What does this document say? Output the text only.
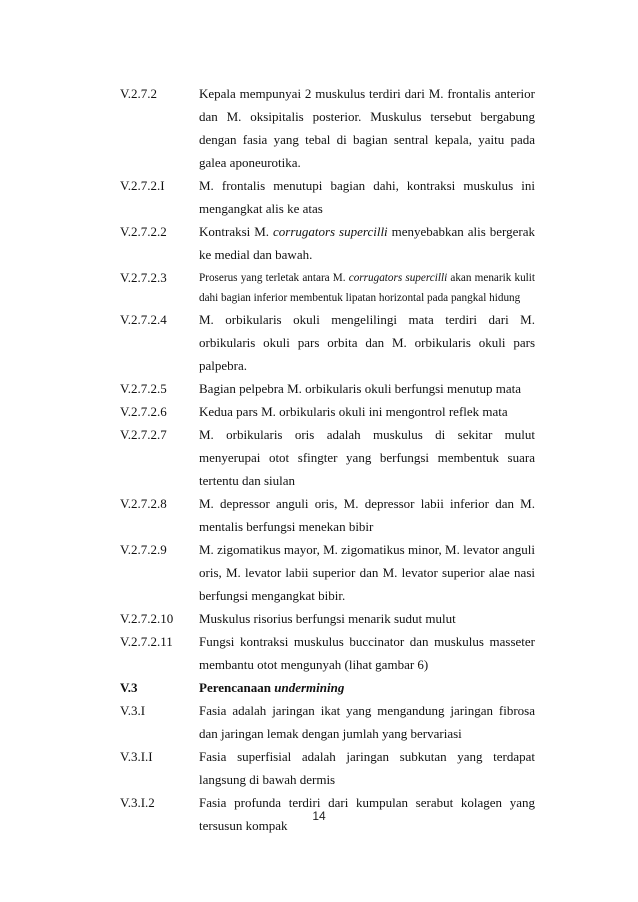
V.2.7.2	Kepala mempunyai 2 muskulus terdiri dari M. frontalis anterior dan M. oksipitalis posterior. Muskulus tersebut bergabung dengan fasia yang tebal di bagian sentral kepala, yaitu pada galea aponeurotika.
V.2.7.2.I	M. frontalis menutupi bagian dahi, kontraksi muskulus ini mengangkat alis ke atas
V.2.7.2.2	Kontraksi M. corrugators supercilli menyebabkan alis bergerak ke medial dan bawah.
V.2.7.2.3	Proserus yang terletak antara M. corrugators supercilli akan menarik kulit dahi bagian inferior membentuk lipatan horizontal pada pangkal hidung
V.2.7.2.4	M. orbikularis okuli mengelilingi mata terdiri dari M. orbikularis okuli pars orbita dan M. orbikularis okuli pars palpebra.
V.2.7.2.5	Bagian pelpebra M. orbikularis okuli berfungsi menutup mata
V.2.7.2.6	Kedua pars M. orbikularis okuli ini mengontrol reflek mata
V.2.7.2.7	M. orbikularis oris adalah muskulus di sekitar mulut menyerupai otot sfingter yang berfungsi membentuk suara tertentu dan siulan
V.2.7.2.8	M. depressor anguli oris, M. depressor labii inferior dan M. mentalis berfungsi menekan bibir
V.2.7.2.9	M. zigomatikus mayor, M. zigomatikus minor, M. levator anguli oris, M. levator labii superior dan M. levator superior alae nasi berfungsi mengangkat bibir.
V.2.7.2.10	Muskulus risorius berfungsi menarik sudut mulut
V.2.7.2.11	Fungsi kontraksi muskulus buccinator dan muskulus masseter membantu otot mengunyah (lihat gambar 6)
V.3	Perencanaan undermining
V.3.I	Fasia adalah jaringan ikat yang mengandung jaringan fibrosa dan jaringan lemak dengan jumlah yang bervariasi
V.3.I.I	Fasia superfisial adalah jaringan subkutan yang terdapat langsung di bawah dermis
V.3.I.2	Fasia profunda terdiri dari kumpulan serabut kolagen yang tersusun kompak
14
